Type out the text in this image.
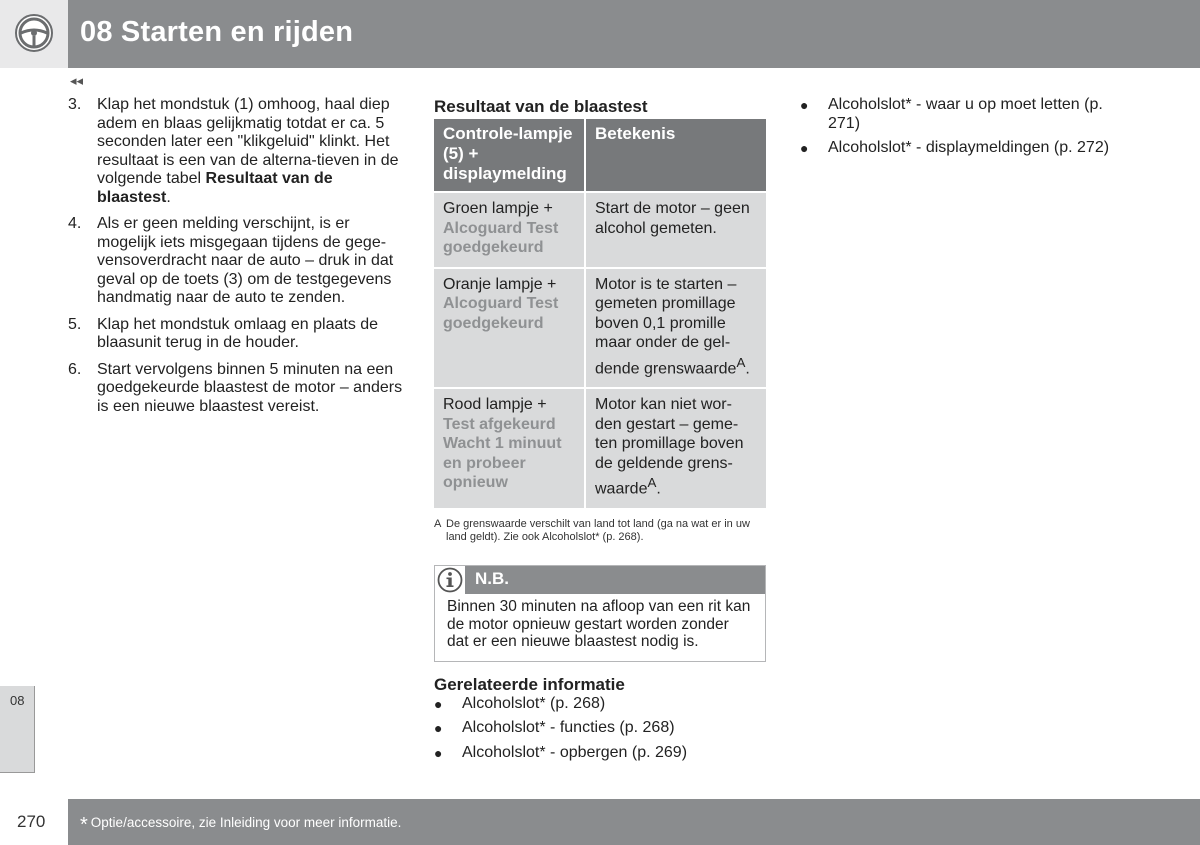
08 Starten en rijden
◂◂
3. Klap het mondstuk (1) omhoog, haal diep adem en blaas gelijkmatig totdat er ca. 5 seconden later een "klikgeluid" klinkt. Het resultaat is een van de alterna-tieven in de volgende tabel Resultaat van de blaastest.
4. Als er geen melding verschijnt, is er mogelijk iets misgegaan tijdens de gege-vensoverdracht naar de auto – druk in dat geval op de toets (3) om de testgegevens handmatig naar de auto te zenden.
5. Klap het mondstuk omlaag en plaats de blaasunit terug in de houder.
6. Start vervolgens binnen 5 minuten na een goedgekeurde blaastest de motor – anders is een nieuwe blaastest vereist.
Resultaat van de blaastest
Controle-lampje (5) + displaymelding	Betekenis

Groen lampje +
Alcoguard Test goedgekeurd	Start de motor – geen alcohol gemeten.

Oranje lampje +
Alcoguard Test goedgekeurd	Motor is te starten – gemeten promillage boven 0,1 promille maar onder de gel-dende grenswaarde$^A$.

Rood lampje +
Test afgekeurd Wacht 1 minuut en probeer opnieuw	Motor kan niet wor-den gestart – geme-ten promillage boven de geldende grens-waarde$^A$.
A De grenswaarde verschilt van land tot land (ga na wat er in uw land geldt). Zie ook Alcoholslot* (p. 268).
N.B.
Binnen 30 minuten na afloop van een rit kan de motor opnieuw gestart worden zonder dat er een nieuwe blaastest nodig is.
Gerelateerde informatie
●	Alcoholslot* (p. 268)
●	Alcoholslot* - functies (p. 268)
●	Alcoholslot* - opbergen (p. 269)
●	Alcoholslot* - waar u op moet letten (p. 271)
●	Alcoholslot* - displaymeldingen (p. 272)
08
270 * Optie/accessoire, zie Inleiding voor meer informatie.
